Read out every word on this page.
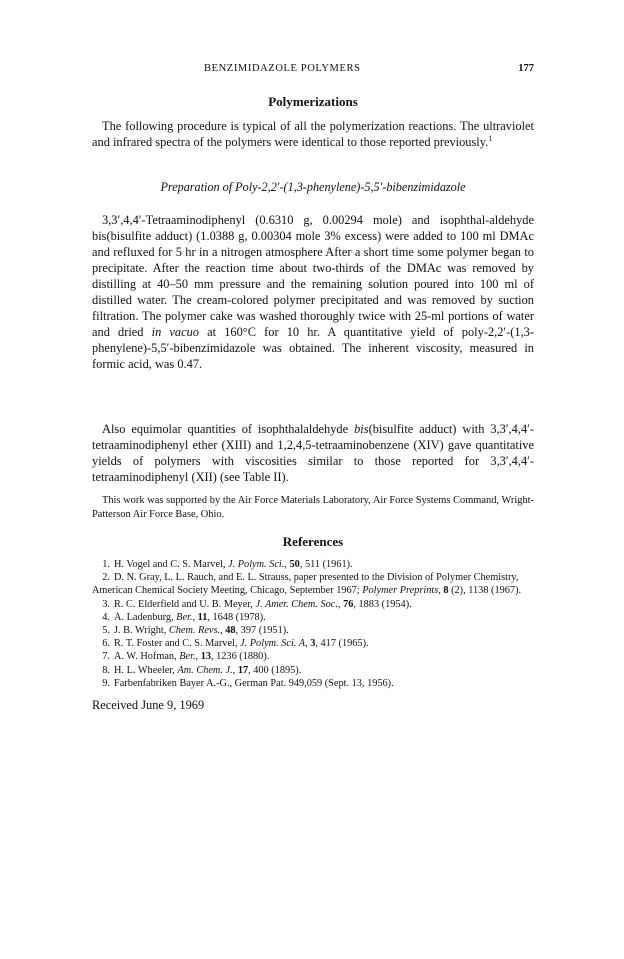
BENZIMIDAZOLE POLYMERS	177
Polymerizations

The following procedure is typical of all the polymerization reactions. The ultraviolet and infrared spectra of the polymers were identical to those reported previously.$^1$

Preparation of Poly-2,2′-(1,3-phenylene)-5,5′-bibenzimidazole

3,3′,4,4′-Tetraaminodiphenyl (0.6310 g, 0.00294 mole) and isophthal-aldehyde bis(bisulfite adduct) (1.0388 g, 0.00304 mole 3% excess) were added to 100 ml DMAc and refluxed for 5 hr in a nitrogen atmosphere After a short time some polymer began to precipitate. After the reaction time about two-thirds of the DMAc was removed by distilling at 40–50 mm pressure and the remaining solution poured into 100 ml of distilled water. The cream-colored polymer precipitated and was removed by suction filtration. The polymer cake was washed thoroughly twice with 25-ml portions of water and dried in vacuo at 160°C for 10 hr. A quantitative yield of poly-2,2′-(1,3-phenylene)-5,5′-bibenzimidazole was obtained. The inherent viscosity, measured in formic acid, was 0.47.

Also equimolar quantities of isophthalaldehyde bis(bisulfite adduct) with 3,3′,4,4′-tetraaminodiphenyl ether (XIII) and 1,2,4,5-tetraaminobenzene (XIV) gave quantitative yields of polymers with viscosities similar to those reported for 3,3′,4,4′-tetraaminodiphenyl (XII) (see Table II).

This work was supported by the Air Force Materials Laboratory, Air Force Systems Command, Wright-Patterson Air Force Base, Ohio.

References

1. H. Vogel and C. S. Marvel, J. Polym. Sci., 50, 511 (1961).

2. D. N. Gray, L. L. Rauch, and E. L. Strauss, paper presented to the Division of Polymer Chemistry, American Chemical Society Meeting, Chicago, September 1967; Polymer Preprints, 8 (2), 1138 (1967).

3. R. C. Elderfield and U. B. Meyer, J. Amer. Chem. Soc., 76, 1883 (1954).

4. A. Ladenburg, Ber., 11, 1648 (1978).

5. J. B. Wright, Chem. Revs., 48, 397 (1951).

6. R. T. Foster and C. S. Marvel, J. Polym. Sci. A, 3, 417 (1965).

7. A. W. Hofman, Ber., 13, 1236 (1880).

8. H. L. Wheeler, Am. Chem. J., 17, 400 (1895).

9. Farbenfabriken Bayer A.-G., German Pat. 949,059 (Sept. 13, 1956).

Received June 9, 1969
